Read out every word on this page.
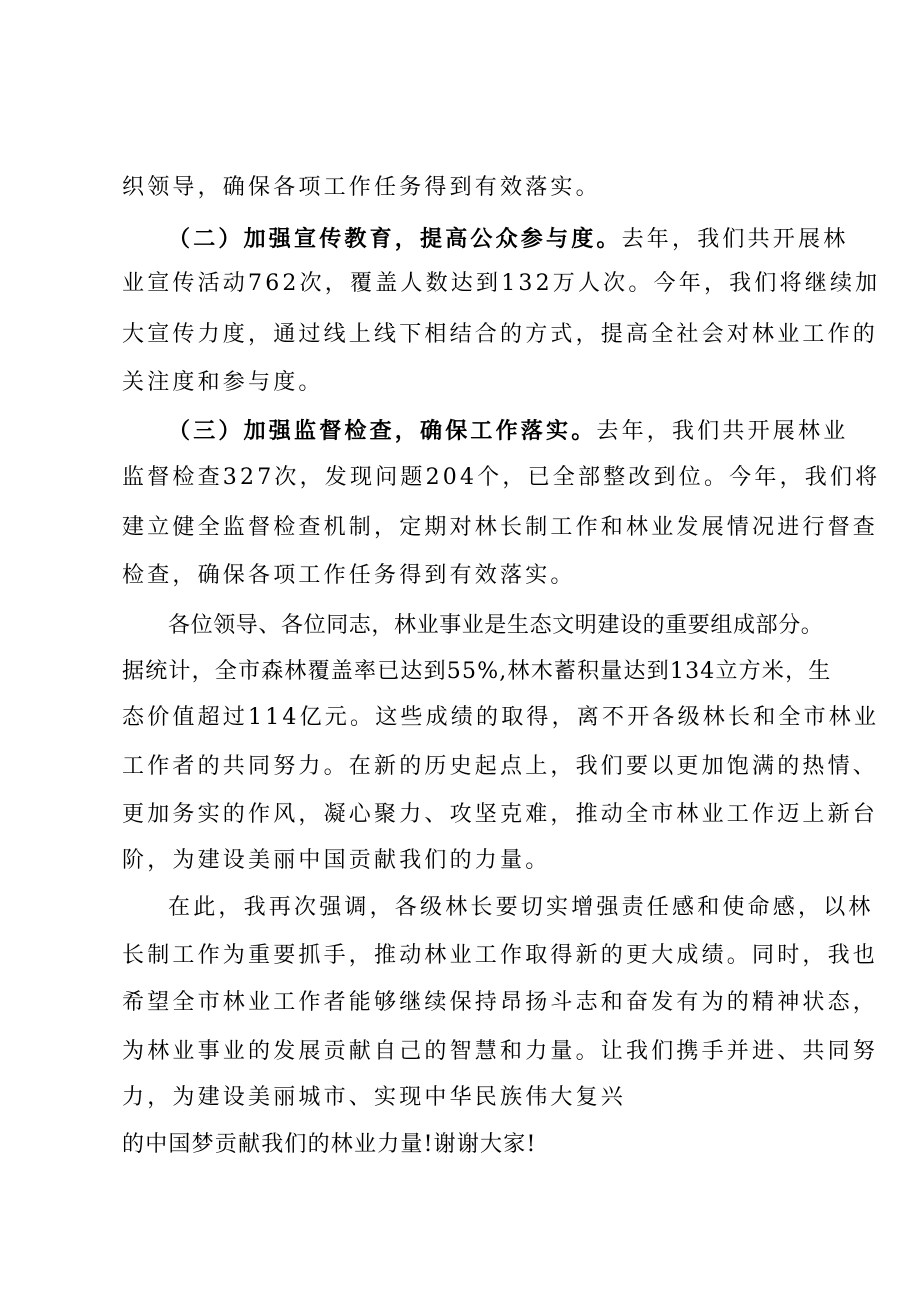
织领导，确保各项工作任务得到有效落实。
（二）加强宣传教育，提高公众参与度。去年，我们共开展林
业宣传活动762次，覆盖人数达到132万人次。今年，我们将继续加
大宣传力度，通过线上线下相结合的方式，提高全社会对林业工作的
关注度和参与度。
（三）加强监督检查，确保工作落实。去年，我们共开展林业
监督检查327次，发现问题204个，已全部整改到位。今年，我们将
建立健全监督检查机制，定期对林长制工作和林业发展情况进行督查
检查，确保各项工作任务得到有效落实。
各位领导、各位同志，林业事业是生态文明建设的重要组成部分。
据统计，全市森林覆盖率已达到55%,林木蓄积量达到134立方米，生
态价值超过114亿元。这些成绩的取得，离不开各级林长和全市林业
工作者的共同努力。在新的历史起点上，我们要以更加饱满的热情、
更加务实的作风，凝心聚力、攻坚克难，推动全市林业工作迈上新台
阶，为建设美丽中国贡献我们的力量。
在此，我再次强调，各级林长要切实增强责任感和使命感，以林
长制工作为重要抓手，推动林业工作取得新的更大成绩。同时，我也
希望全市林业工作者能够继续保持昂扬斗志和奋发有为的精神状态，
为林业事业的发展贡献自己的智慧和力量。让我们携手并进、共同努
力，为建设美丽城市、实现中华民族伟大复兴
的中国梦贡献我们的林业力量!谢谢大家!
